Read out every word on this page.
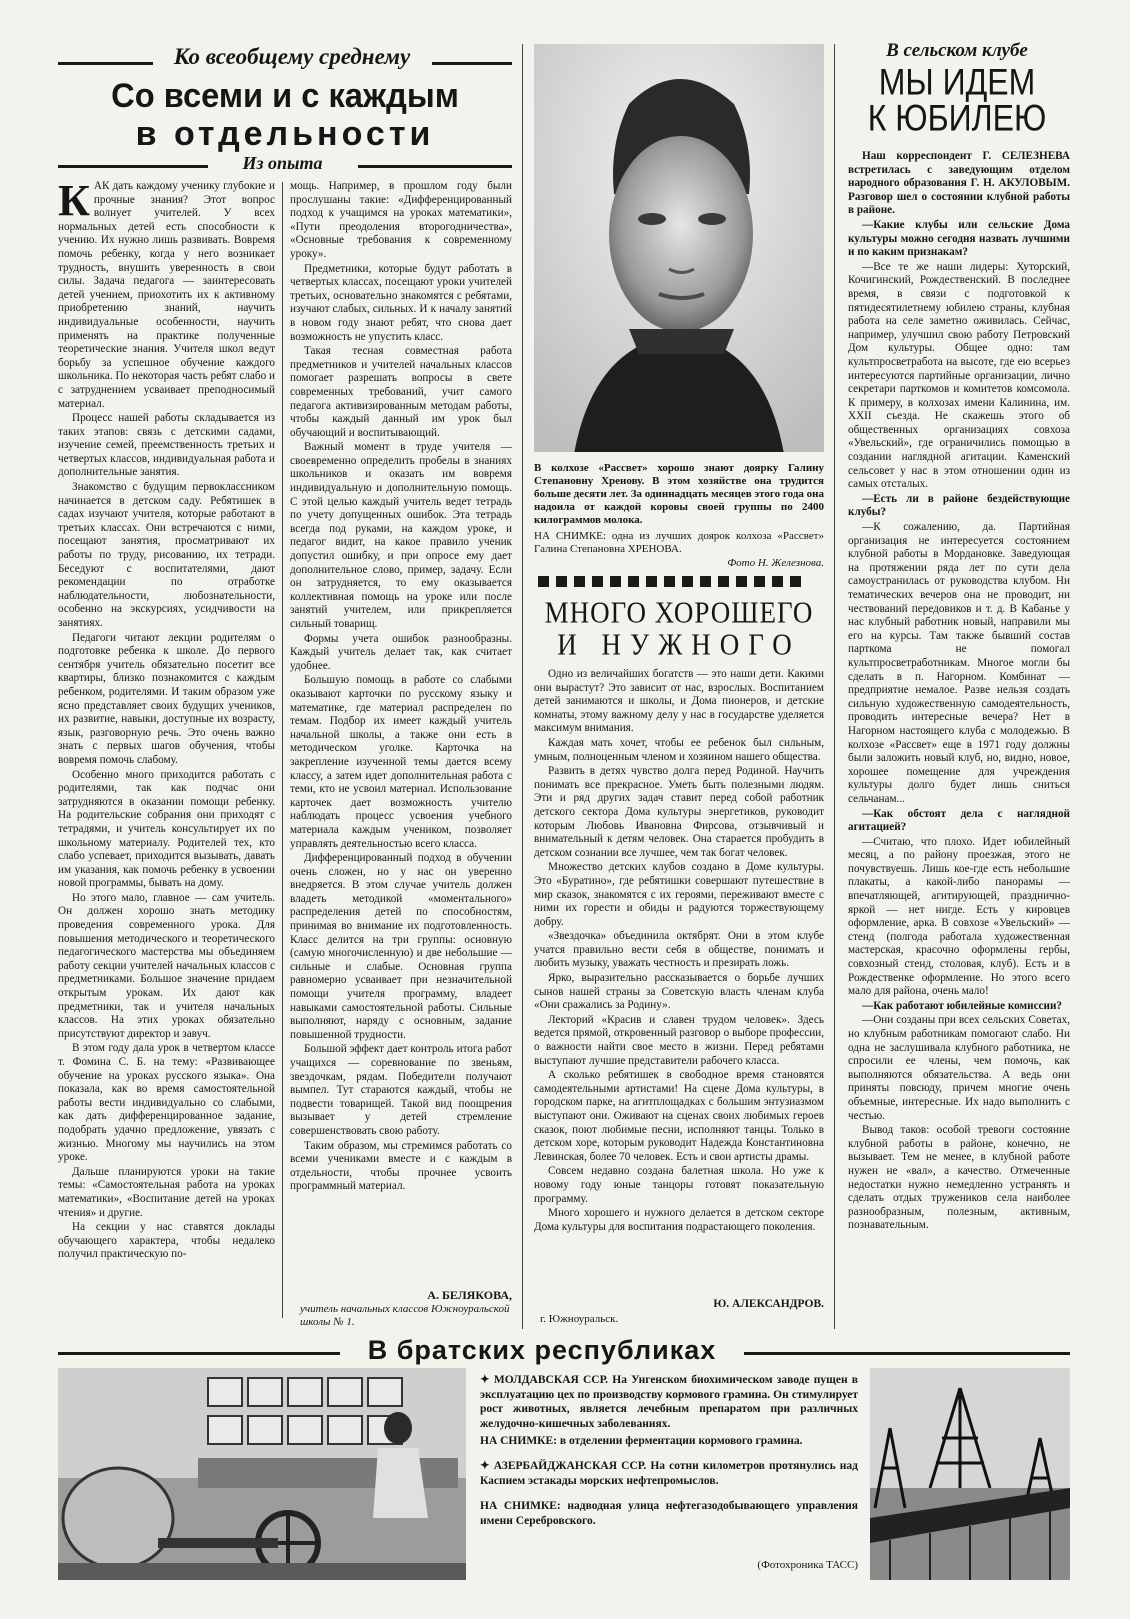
Ко всеобщему среднему
Со всеми и с каждым
в отдельности
Из опыта
К АК дать каждому ученику глубокие и прочные знания? Этот вопрос волнует учителей. У всех нормальных детей есть способности к учению. Их нужно лишь развивать. Вовремя помочь ребенку, когда у него возникает трудность, внушить уверенность в свои силы. Задача педагога — заинтересовать детей учением, приохотить их к активному приобретению знаний, научить индивидуальные особенности, научить применять на практике полученные теоретические знания. Учителя школ ведут борьбу за успешное обучение каждого школьника. По некоторая часть ребят слабо и с затруднением усваивает преподносимый материал.

Процесс нашей работы складывается из таких этапов: связь с детскими садами, изучение семей, преемственность третьих и четвертых классов, индивидуальная работа и дополнительные занятия.

Знакомство с будущим первоклассником начинается в детском саду. Ребятишек в садах изучают учителя, которые работают в третьих классах. Они встречаются с ними, посещают занятия, просматривают их работы по труду, рисованию, их тетради. Беседуют с воспитателями, дают рекомендации по отработке наблюдательности, любознательности, особенно на экскурсиях, усидчивости на занятиях.

Педагоги читают лекции родителям о подготовке ребенка к школе. До первого сентября учитель обязательно посетит все квартиры, близко познакомится с каждым ребенком, родителями. И таким образом уже ясно представляет своих будущих учеников, их развитие, навыки, доступные их возрасту, язык, разговорную речь. Это очень важно знать с первых шагов обучения, чтобы вовремя помочь слабому.

Особенно много приходится работать с родителями, так как подчас они затрудняются в оказании помощи ребенку. На родительские собрания они приходят с тетрадями, и учитель консультирует их по школьному материалу. Родителей тех, кто слабо успевает, приходится вызывать, давать им указания, как помочь ребенку в усвоении новой программы, бывать на дому.

Но этого мало, главное — сам учитель. Он должен хорошо знать методику проведения современного урока. Для повышения методического и теоретического педагогического мастерства мы объединяем работу секции учителей начальных классов с предметниками. Большое значение придаем открытым урокам. Их дают как предметники, так и учителя начальных классов. На этих уроках обязательно присутствуют директор и завуч.

В этом году дала урок в четвертом классе т. Фомина С. Б. на тему: «Развивающее обучение на уроках русского языка». Она показала, как во время самостоятельной работы вести индивидуально со слабыми, как дать дифференцированное задание, подобрать удачно предложение, увязать с жизнью. Многому мы научились на этом уроке.

Дальше планируются уроки на такие темы: «Самостоятельная работа на уроках математики», «Воспитание детей на уроках чтения» и другие.

На секции у нас ставятся доклады обучающего характера, чтобы недалеко получил практическую по-

мощь. Например, в прошлом году были прослушаны такие: «Дифференцированный подход к учащимся на уроках математики», «Пути преодоления второгодничества», «Основные требования к современному уроку».

Предметники, которые будут работать в четвертых классах, посещают уроки учителей третьих, основательно знакомятся с ребятами, изучают слабых, сильных. И к началу занятий в новом году знают ребят, что снова дает возможность не упустить класс.

Такая тесная совместная работа предметников и учителей начальных классов помогает разрешать вопросы в свете современных требований, учит самого педагога активизированным методам работы, чтобы каждый данный им урок был обучающий и воспитывающий.

Важный момент в труде учителя — своевременно определить пробелы в знаниях школьников и оказать им вовремя индивидуальную и дополнительную помощь. С этой целью каждый учитель ведет тетрадь по учету допущенных ошибок. Эта тетрадь всегда под руками, на каждом уроке, и педагог видит, на какое правило ученик допустил ошибку, и при опросе ему дает дополнительное слово, пример, задачу. Если он затрудняется, то ему оказывается коллективная помощь на уроке или после занятий учителем, или прикрепляется сильный товарищ.

Формы учета ошибок разнообразны. Каждый учитель делает так, как считает удобнее.

Большую помощь в работе со слабыми оказывают карточки по русскому языку и математике, где материал распределен по темам. Подбор их имеет каждый учитель начальной школы, а также они есть в методическом уголке. Карточка на закрепление изученной темы дается всему классу, а затем идет дополнительная работа с теми, кто не усвоил материал. Использование карточек дает возможность учителю наблюдать процесс усвоения учебного материала каждым учеником, позволяет управлять деятельностью всего класса.

Дифференцированный подход в обучении очень сложен, но у нас он уверенно внедряется. В этом случае учитель должен владеть методикой «моментального» распределения детей по способностям, принимая во внимание их подготовленность. Класс делится на три группы: основную (самую многочисленную) и две небольшие — сильные и слабые. Основная группа равномерно усваивает при незначительной помощи учителя программу, владеет навыками самостоятельной работы. Сильные выполняют, наряду с основным, задание повышенной трудности.

Большой эффект дает контроль итога работ учащихся — соревнование по звеньям, звездочкам, рядам. Победители получают вымпел. Тут стараются каждый, чтобы не подвести товарищей. Такой вид поощрения вызывает у детей стремление совершенствовать свою работу.

Таким образом, мы стремимся работать со всеми учениками вместе и с каждым в отдельности, чтобы прочнее усвоить программный материал.

А. БЕЛЯКОВА,
учитель начальных классов Южноуральской школы № 1.
В колхозе «Рассвет» хорошо знают доярку Галину Степановну Хренову. В этом хозяйстве она трудится больше десяти лет. За одиннадцать месяцев этого года она надоила от каждой коровы своей группы по 2400 килограммов молока.
НА СНИМКЕ: одна из лучших доярок колхоза «Рассвет» Галина Степановна ХРЕНОВА.
Фото Н. Железнова.
МНОГО ХОРОШЕГО
И НУЖНОГО

Одно из величайших богатств — это наши дети. Какими они вырастут? Это зависит от нас, взрослых. Воспитанием детей занимаются и школы, и Дома пионеров, и детские комнаты, этому важному делу у нас в государстве уделяется максимум внимания.

Каждая мать хочет, чтобы ее ребенок был сильным, умным, полноценным членом и хозяином нашего общества.

Развить в детях чувство долга перед Родиной. Научить понимать все прекрасное. Уметь быть полезными людям. Эти и ряд других задач ставит перед собой работник детского сектора Дома культуры энергетиков, руководит которым Любовь Ивановна Фирсова, отзывчивый и внимательный к детям человек. Она старается пробудить в детском сознании все лучшее, чем так богат человек.

Множество детских клубов создано в Доме культуры. Это «Буратино», где ребятишки совершают путешествие в мир сказок, знакомятся с их героями, переживают вместе с ними их горести и обиды и радуются торжествующему добру.

«Звездочка» объединила октябрят. Они в этом клубе учатся правильно вести себя в обществе, понимать и любить музыку, уважать честность и презирать ложь.

Ярко, выразительно рассказывается о борьбе лучших сынов нашей страны за Советскую власть членам клуба «Они сражались за Родину».

Лекторий «Красив и славен трудом человек». Здесь ведется прямой, откровенный разговор о выборе профессии, о важности найти свое место в жизни. Перед ребятами выступают лучшие представители рабочего класса.

А сколько ребятишек в свободное время становятся самодеятельными артистами! На сцене Дома культуры, в городском парке, на агитплощадках с большим энтузиазмом выступают они. Оживают на сценах своих любимых героев сказок, поют любимые песни, исполняют танцы. Только в детском хоре, которым руководит Надежда Константиновна Левинская, более 70 человек. Есть и свои артисты драмы.

Совсем недавно создана балетная школа. Но уже к новому году юные танцоры готовят показательную программу.

Много хорошего и нужного делается в детском секторе Дома культуры для воспитания подрастающего поколения.

Ю. АЛЕКСАНДРОВ.
г. Южноуральск.
В сельском клубе
МЫ ИДЕМ
К ЮБИЛЕЮ

Наш корреспондент Г. СЕЛЕЗНЕВА встретилась с заведующим отделом народного образования Г. Н. АКУЛОВЫМ. Разговор шел о состоянии клубной работы в районе.

—Какие клубы или сельские Дома культуры можно сегодня назвать лучшими и по каким признакам?

—Все те же наши лидеры: Хуторский, Кочигинский, Рождественский. В последнее время, в связи с подготовкой к пятидесятилетнему юбилею страны, клубная работа на селе заметно оживилась. Сейчас, например, улучшил свою работу Петровский Дом культуры. Общее одно: там культпросветработа на высоте, где ею всерьез интересуются партийные организации, лично секретари парткомов и комитетов комсомола. К примеру, в колхозах имени Калинина, им. XXII съезда. Не скажешь этого об общественных организациях совхоза «Увельский», где ограничились помощью в создании наглядной агитации. Каменский сельсовет у нас в этом отношении один из самых отсталых.

—Есть ли в районе бездействующие клубы?

—К сожалению, да. Партийная организация не интересуется состоянием клубной работы в Мордановке. Заведующая на протяжении ряда лет по сути дела самоустранилась от руководства клубом. Ни тематических вечеров она не проводит, ни чествований передовиков и т. д. В Кабанье у нас клубный работник новый, направили мы его на курсы. Там также бывший состав парткома не помогал культпросветработникам. Многое могли бы сделать в п. Нагорном. Комбинат — предприятие немалое. Разве нельзя создать сильную художественную самодеятельность, проводить интересные вечера? Нет в Нагорном настоящего клуба с молодежью. В колхозе «Рассвет» еще в 1971 году должны были заложить новый клуб, но, видно, новое, хорошее помещение для учреждения культуры долго будет лишь сниться сельчанам...

—Как обстоят дела с наглядной агитацией?

—Считаю, что плохо. Идет юбилейный месяц, а по району проезжая, этого не почувствуешь. Лишь кое-где есть небольшие плакаты, а какой-либо панорамы — впечатляющей, агитирующей, празднично-яркой — нет нигде. Есть у кировцев оформление, арка. В совхозе «Увельский» — стенд (полгода работала художественная мастерская, красочно оформлены гербы, совхозный стенд, столовая, клуб). Есть и в Рождественке оформление. Но этого всего мало для района, очень мало!

—Как работают юбилейные комиссии?

—Они созданы при всех сельских Советах, но клубным работникам помогают слабо. Ни одна не заслушивала клубного работника, не спросили ее члены, чем помочь, как выполняются обязательства. А ведь они приняты повсюду, причем многие очень объемные, интересные. Их надо выполнить с честью.

Вывод таков: особой тревоги состояние клубной работы в районе, конечно, не вызывает. Тем не менее, в клубной работе нужен не «вал», а качество. Отмеченные недостатки нужно немедленно устранять и сделать отдых тружеников села наиболее разнообразным, полезным, активным, познавательным.

В братских республиках
✦ МОЛДАВСКАЯ ССР. На Унгенском биохимическом заводе пущен в эксплуатацию цех по производству кормового грамина. Он стимулирует рост животных, является лечебным препаратом при различных желудочно-кишечных заболеваниях.
НА СНИМКЕ: в отделении ферментации кормового грамина.
✦ АЗЕРБАЙДЖАНСКАЯ ССР. На сотни километров протянулись над Каспием эстакады морских нефтепромыслов.
НА СНИМКЕ: надводная улица нефтегазодобывающего управления имени Серебровского.
(Фотохроника ТАСС)
